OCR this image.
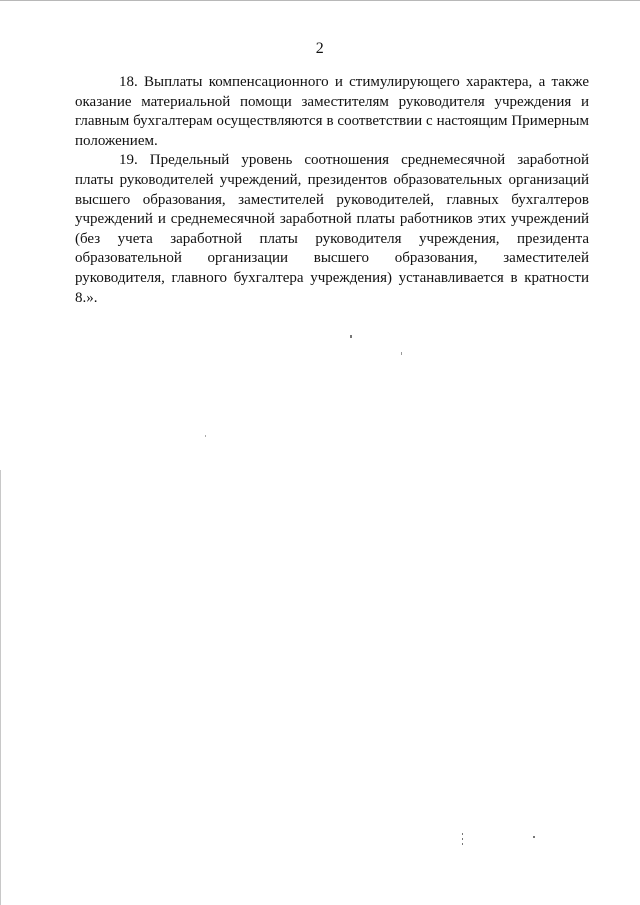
2

18. Выплаты компенсационного и стимулирующего характера, а также оказание материальной помощи заместителям руководителя учреждения и главным бухгалтерам осуществляются в соответствии с настоящим Примерным положением.

19. Предельный уровень соотношения среднемесячной заработной платы руководителей учреждений, президентов образовательных организаций высшего образования, заместителей руководителей, главных бухгалтеров учреждений и среднемесячной заработной платы работников этих учреждений (без учета заработной платы руководителя учреждения, президента образовательной организации высшего образования, заместителей руководителя, главного бухгалтера учреждения) устанавливается в кратности 8.».
